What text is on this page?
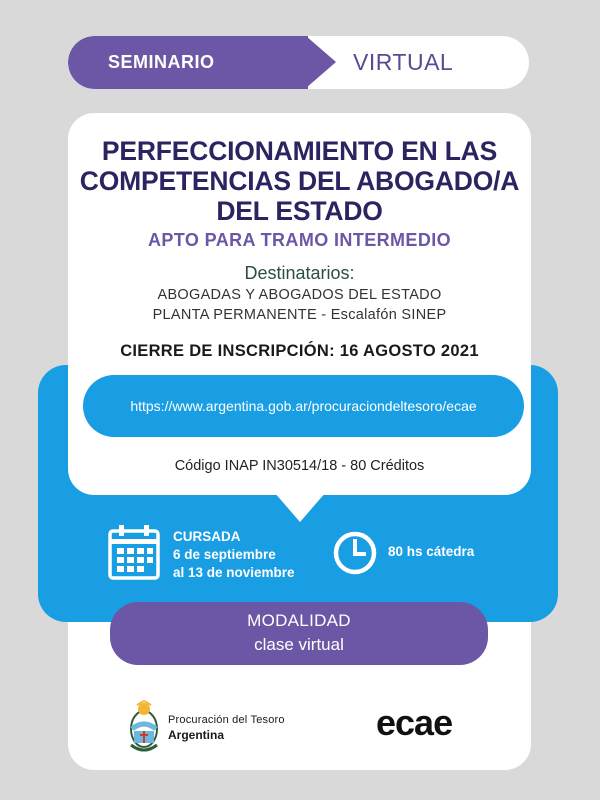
SEMINARIO	VIRTUAL
PERFECCIONAMIENTO EN LAS
COMPETENCIAS DEL ABOGADO/A
DEL ESTADO
APTO PARA TRAMO INTERMEDIO
Destinatarios:
ABOGADAS Y ABOGADOS DEL ESTADO
PLANTA PERMANENTE - Escalafón SINEP
CIERRE DE INSCRIPCIÓN: 16 AGOSTO 2021
https://www.argentina.gob.ar/procuraciondeltesoro/ecae
Código INAP IN30514/18 - 80 Créditos
CURSADA
6 de septiembre
al 13 de noviembre
80 hs cátedra
MODALIDAD
clase virtual
Procuración del Tesoro
Argentina	ecae
